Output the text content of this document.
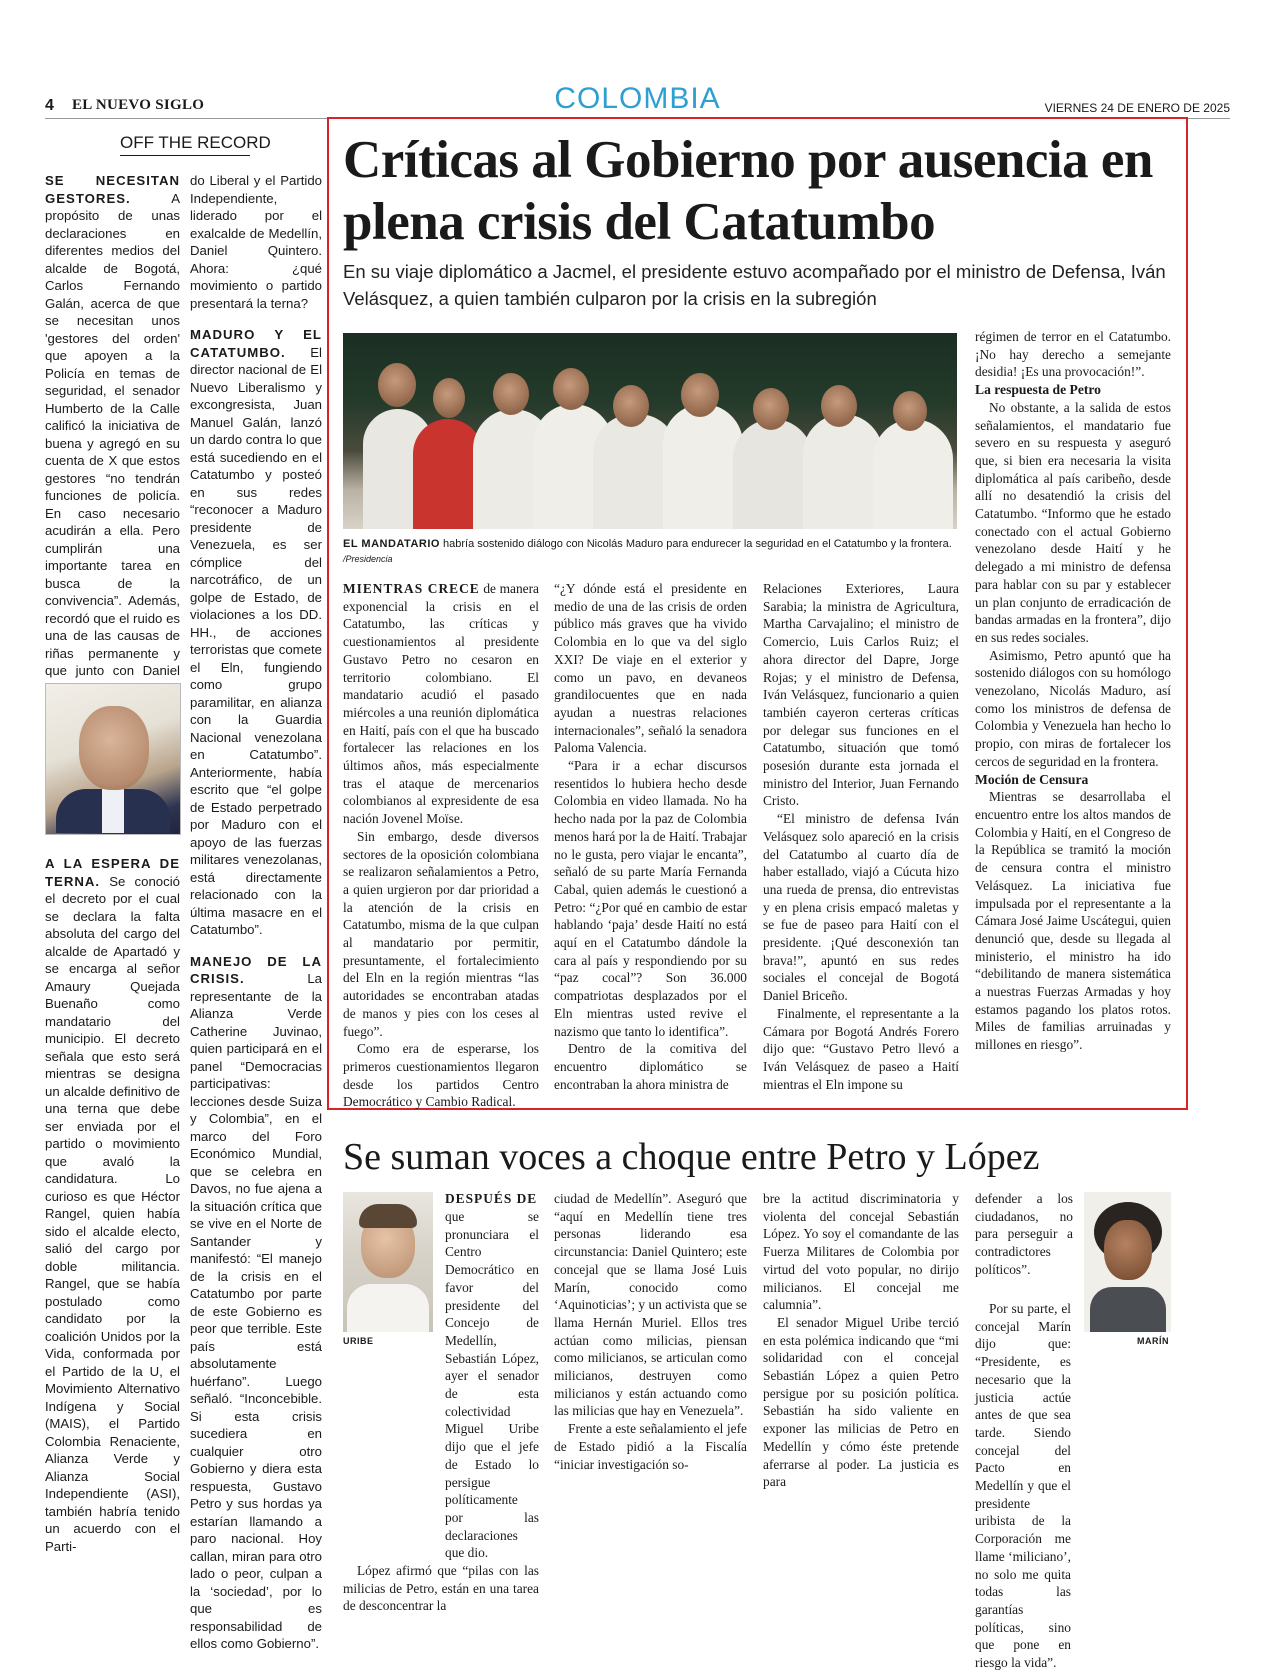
4 EL NUEVO SIGLO	COLOMBIA	VIERNES 24 DE ENERO DE 2025
OFF THE RECORD
SE NECESITAN GESTORES.	A propósito de unas declaraciones en diferentes medios del alcalde de Bogotá, Carlos Fernando Galán, acerca de que se necesitan unos 'gestores del orden' que apoyen a la Policía en temas de seguridad, el senador Humberto de la Calle calificó la iniciativa de buena y agregó en su cuenta de X que estos gestores “no tendrán funciones de policía. En caso necesario acudirán a ella. Pero cumplirán una importante tarea en busca de la convivencia”. Además, recordó que el ruido es una de las causas de riñas permanente y que junto con Daniel
A LA ESPERA DE TERNA. Se conoció el decreto por el cual se declara la falta absoluta del cargo del alcalde de Apartadó y se encarga al señor Amaury Quejada Buenaño como mandatario del municipio. El decreto señala que esto será mientras se designa un alcalde definitivo de una terna que debe ser enviada por el partido o movimiento que avaló la candidatura. Lo curioso es que Héctor Rangel, quien había sido el alcalde electo, salió del cargo por doble militancia. Rangel, que se había postulado como candidato por la coalición Unidos por la Vida, conformada por el Partido de la U, el Movimiento Alternativo Indígena y Social (MAIS), el Partido Colombia Renaciente, Alianza Verde y Alianza Social Independiente (ASI), también habría tenido un acuerdo con el Parti-
do Liberal y el Partido Independiente, liderado por el exalcalde de Medellín, Daniel Quintero. Ahora: ¿qué movimiento o partido presentará la terna?
MADURO Y EL CATATUMBO. El director nacional de El Nuevo Liberalismo y excongresista, Juan Manuel Galán, lanzó un dardo contra lo que está sucediendo en el Catatumbo y posteó en sus redes “reconocer a Maduro presidente de Venezuela, es ser cómplice del narcotráfico, de un golpe de Estado, de violaciones a los DD. HH., de acciones terroristas que comete el Eln, fungiendo como grupo paramilitar, en alianza con la Guardia Nacional venezolana en Catatumbo”. Anteriormente, había escrito que “el golpe de Estado perpetrado por Maduro con el apoyo de las fuerzas militares venezolanas, está directamente relacionado con la última masacre en el Catatumbo”.
MANEJO DE LA CRISIS.	La representante de la Alianza Verde Catherine Juvinao, quien participará en el panel “Democracias participativas: lecciones desde Suiza y Colombia”, en el marco del Foro Económico Mundial, que se celebra en Davos, no fue ajena a la situación crítica que se vive en el Norte de Santander y manifestó: “El manejo de la crisis en el Catatumbo por parte de este Gobierno es peor que terrible. Este país está absolutamente huérfano”. Luego señaló. “Inconcebible. Si esta crisis sucediera en cualquier otro Gobierno y diera esta respuesta, Gustavo Petro y sus hordas ya estarían llamando a paro nacional. Hoy callan, miran para otro lado o peor, culpan a la ‘sociedad’, por lo que es responsabilidad de ellos como Gobierno”.
Críticas al Gobierno por ausencia en plena crisis del Catatumbo
En su viaje diplomático a Jacmel, el presidente estuvo acompañado por el ministro de Defensa, Iván Velásquez, a quien también culparon por la crisis en la subregión
EL MANDATARIO habría sostenido diálogo con Nicolás Maduro para endurecer la seguridad en el Catatumbo y la frontera. /Presidencia

MIENTRAS CRECE de manera exponencial la crisis en el Catatumbo, las críticas y cuestionamientos al presidente Gustavo Petro no cesaron en territorio colombiano. El mandatario acudió el pasado miércoles a una reunión diplomática en Haití, país con el que ha buscado fortalecer las relaciones en los últimos años, más especialmente tras el ataque de mercenarios colombianos al expresidente de esa nación Jovenel Moïse.

Sin embargo, desde diversos sectores de la oposición colombiana se realizaron señalamientos a Petro, a quien urgieron por dar prioridad a la atención de la crisis en Catatumbo, misma de la que culpan al mandatario por permitir, presuntamente, el fortalecimiento del Eln en la región mientras “las autoridades se encontraban atadas de manos y pies con los ceses al fuego”.

Como era de esperarse, los primeros cuestionamientos llegaron desde los partidos Centro Democrático y Cambio Radical.

“¿Y dónde está el presidente en medio de una de las crisis de orden público más graves que ha vivido Colombia en lo que va del siglo XXI? De viaje en el exterior y como un pavo, en devaneos grandilocuentes que en nada ayudan a nuestras relaciones internacionales”, señaló la senadora Paloma Valencia.

“Para ir a echar discursos resentidos lo hubiera hecho desde Colombia en video llamada. No ha hecho nada por la paz de Colombia menos hará por la de Haití. Trabajar no le gusta, pero viajar le encanta”, señaló de su parte María Fernanda Cabal, quien además le cuestionó a Petro: “¿Por qué en cambio de estar hablando ‘paja’ desde Haití no está aquí en el Catatumbo dándole la cara al país y respondiendo por su “paz cocal”? Son 36.000 compatriotas desplazados por el Eln mientras usted revive el nazismo que tanto lo identifica”.

Dentro de la comitiva del encuentro diplomático se encontraban la ahora ministra de

Relaciones Exteriores, Laura Sarabia; la ministra de Agricultura, Martha Carvajalino; el ministro de Comercio, Luis Carlos Ruiz; el ahora director del Dapre, Jorge Rojas; y el ministro de Defensa, Iván Velásquez, funcionario a quien también cayeron certeras críticas por delegar sus funciones en el Catatumbo, situación que tomó posesión durante esta jornada el ministro del Interior, Juan Fernando Cristo.

“El ministro de defensa Iván Velásquez solo apareció en la crisis del Catatumbo al cuarto día de haber estallado, viajó a Cúcuta hizo una rueda de prensa, dio entrevistas y en plena crisis empacó maletas y se fue de paseo para Haití con el presidente. ¡Qué desconexión tan brava!”, apuntó en sus redes sociales el concejal de Bogotá Daniel Briceño.

Finalmente, el representante a la Cámara por Bogotá Andrés Forero dijo que: “Gustavo Petro llevó a Iván Velásquez de paseo a Haití mientras el Eln impone su

régimen de terror en el Catatumbo. ¡No hay derecho a semejante desidia! ¡Es una provocación!”.

La respuesta de Petro

No obstante, a la salida de estos señalamientos, el mandatario fue severo en su respuesta y aseguró que, si bien era necesaria la visita diplomática al país caribeño, desde allí no desatendió la crisis del Catatumbo. “Informo que he estado conectado con el actual Gobierno venezolano desde Haití y he delegado a mi ministro de defensa para hablar con su par y establecer un plan conjunto de erradicación de bandas armadas en la frontera”, dijo en sus redes sociales.

Asimismo, Petro apuntó que ha sostenido diálogos con su homólogo venezolano, Nicolás Maduro, así como los ministros de defensa de Colombia y Venezuela han hecho lo propio, con miras de fortalecer los cercos de seguridad en la frontera.

Moción de Censura

Mientras se desarrollaba el encuentro entre los altos mandos de Colombia y Haití, en el Congreso de la República se tramitó la moción de censura contra el ministro Velásquez. La iniciativa fue impulsada por el representante a la Cámara José Jaime Uscátegui, quien denunció que, desde su llegada al ministerio, el ministro ha ido “debilitando de manera sistemática a nuestras Fuerzas Armadas y hoy estamos pagando los platos rotos. Miles de familias arruinadas y millones en riesgo”.

Se suman voces a choque entre Petro y López
URIBE

DESPUÉS DE

que se pronunciara el Centro Democrático en favor del presidente del Concejo de Medellín, Sebastián López, ayer el senador de esta colectividad Miguel Uribe dijo que el jefe de Estado lo persigue políticamente por las declaraciones que dio.

López afirmó que “pilas con las milicias de Petro, están en una tarea de desconcentrar la

ciudad de Medellín”. Aseguró que “aquí en Medellín tiene tres personas liderando esa circunstancia: Daniel Quintero; este concejal que se llama José Luis Marín, conocido como ‘Aquinoticias’; y un activista que se llama Hernán Muriel. Ellos tres actúan como milicias, piensan como milicianos, se articulan como milicianos, destruyen como milicianos y están actuando como las milicias que hay en Venezuela”.

Frente a este señalamiento el jefe de Estado pidió a la Fiscalía “iniciar investigación so-

bre la actitud discriminatoria y violenta del concejal Sebastián López. Yo soy el comandante de las Fuerza Militares de Colombia por virtud del voto popular, no dirijo milicianos. El concejal me calumnia”.

El senador Miguel Uribe terció en esta polémica indicando que “mi solidaridad con el concejal Sebastián López a quien Petro persigue por su posición política. Sebastián ha sido valiente en exponer las milicias de Petro en Medellín y cómo éste pretende aferrarse al poder. La justicia es para

defender a los ciudadanos, no para perseguir a contradictores políticos”.

Por su parte, el concejal Marín dijo que: “Presidente, es necesario que la justicia actúe antes de que sea tarde. Siendo concejal del Pacto en Medellín y que el presidente uribista de la Corporación me llame ‘miliciano’, no solo me quita todas las garantías políticas, sino que pone en riesgo la vida”.

MARÍN
